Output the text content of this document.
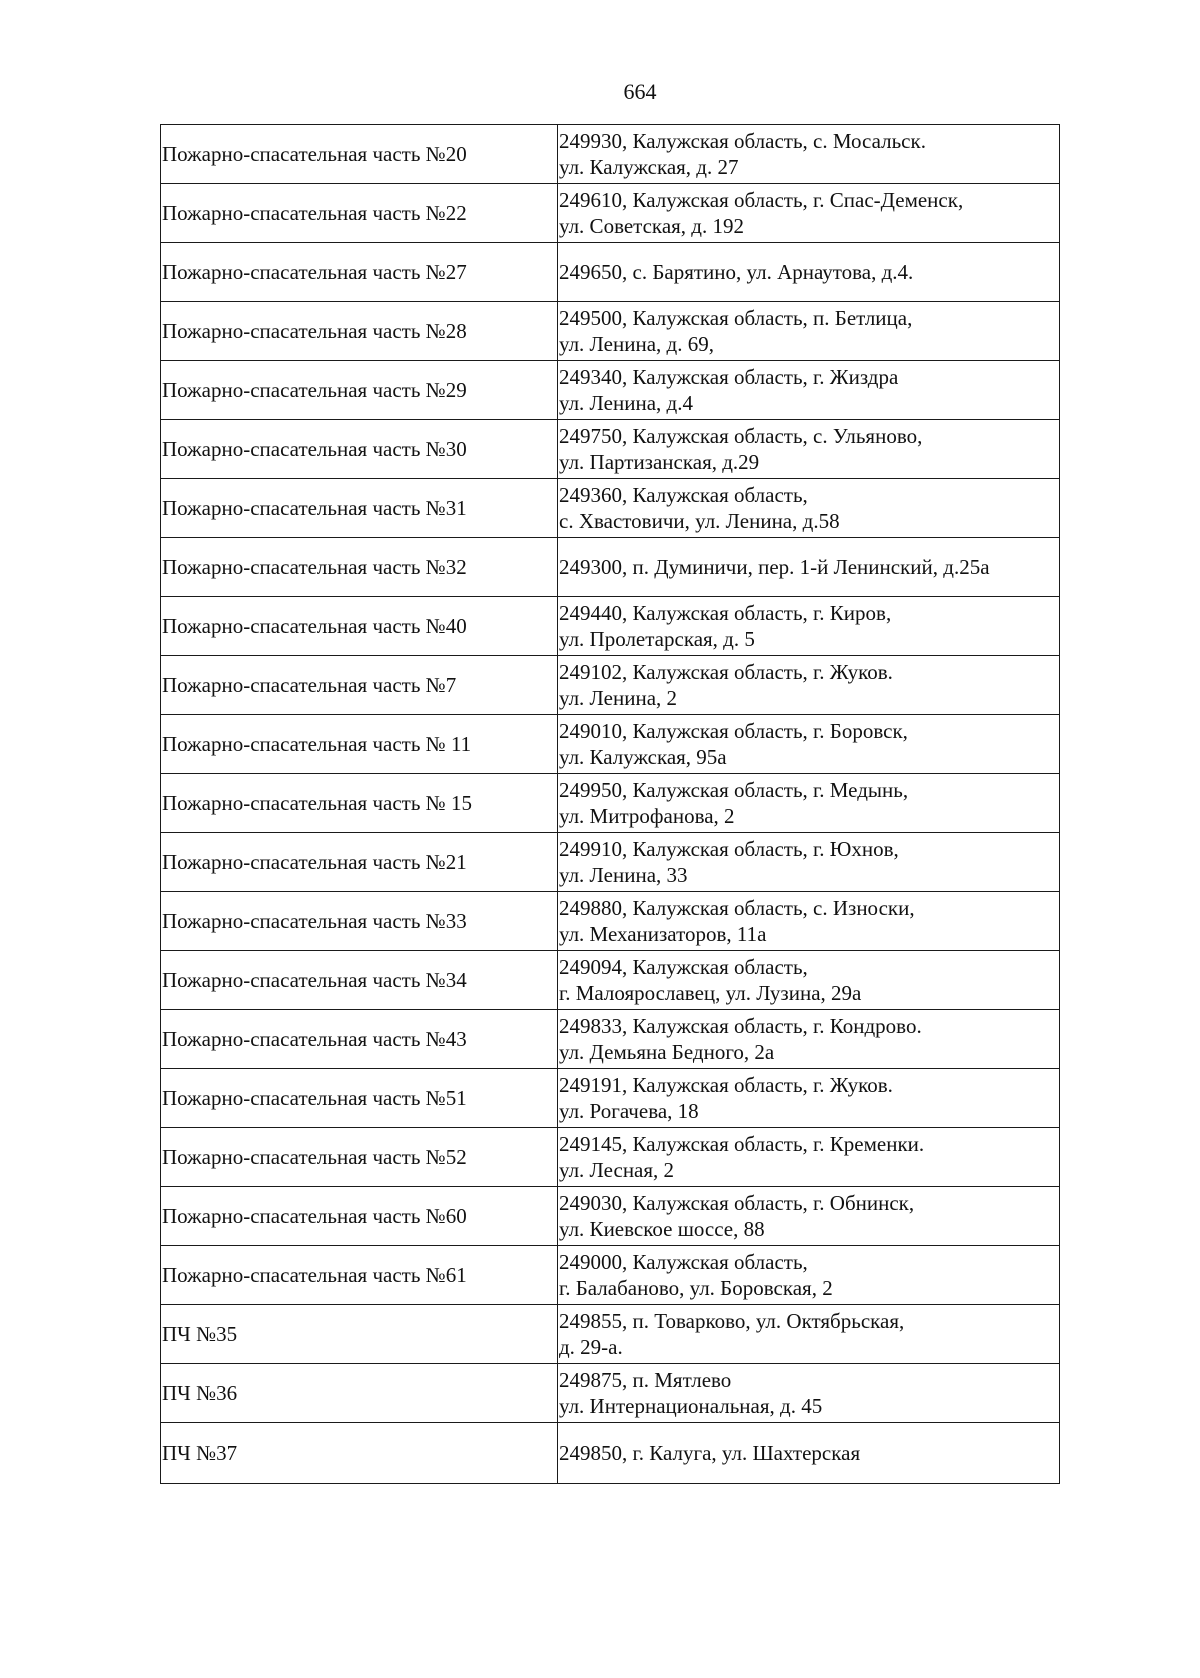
664
Пожарно-спасательная часть №20	249930, Калужская область, с. Мосальск.
ул. Калужская, д. 27

Пожарно-спасательная часть №22	249610, Калужская область, г. Спас-Деменск,
ул. Советская, д. 192

Пожарно-спасательная часть №27	249650, с. Барятино, ул. Арнаутова, д.4.

Пожарно-спасательная часть №28	249500, Калужская область, п. Бетлица,
ул. Ленина, д. 69,

Пожарно-спасательная часть №29	249340, Калужская область, г. Жиздра
ул. Ленина, д.4

Пожарно-спасательная часть №30	249750, Калужская область, с. Ульяново,
ул. Партизанская, д.29

Пожарно-спасательная часть №31	249360, Калужская область,
с. Хвастовичи, ул. Ленина, д.58

Пожарно-спасательная часть №32	249300, п. Думиничи, пер. 1-й Ленинский, д.25а

Пожарно-спасательная часть №40	249440, Калужская область, г. Киров,
ул. Пролетарская, д. 5

Пожарно-спасательная часть №7	249102, Калужская область, г. Жуков.
ул. Ленина, 2

Пожарно-спасательная часть № 11	249010, Калужская область, г. Боровск,
ул. Калужская, 95а

Пожарно-спасательная часть № 15	249950, Калужская область, г. Медынь,
ул. Митрофанова, 2

Пожарно-спасательная часть №21	249910, Калужская область, г. Юхнов,
ул. Ленина, 33

Пожарно-спасательная часть №33	249880, Калужская область, с. Износки,
ул. Механизаторов, 11а

Пожарно-спасательная часть №34	249094, Калужская область,
г. Малоярославец, ул. Лузина, 29а

Пожарно-спасательная часть №43	249833, Калужская область, г. Кондрово.
ул. Демьяна Бедного, 2а

Пожарно-спасательная часть №51	249191, Калужская область, г. Жуков.
ул. Рогачева, 18

Пожарно-спасательная часть №52	249145, Калужская область, г. Кременки.
ул. Лесная, 2

Пожарно-спасательная часть №60	249030, Калужская область, г. Обнинск,
ул. Киевское шоссе, 88

Пожарно-спасательная часть №61	249000, Калужская область,
г. Балабаново, ул. Боровская, 2

ПЧ №35	249855, п. Товарково, ул. Октябрьская,
д. 29-а.

ПЧ №36	249875, п. Мятлево
ул. Интернациональная, д. 45

ПЧ №37	249850, г. Калуга, ул. Шахтерская
